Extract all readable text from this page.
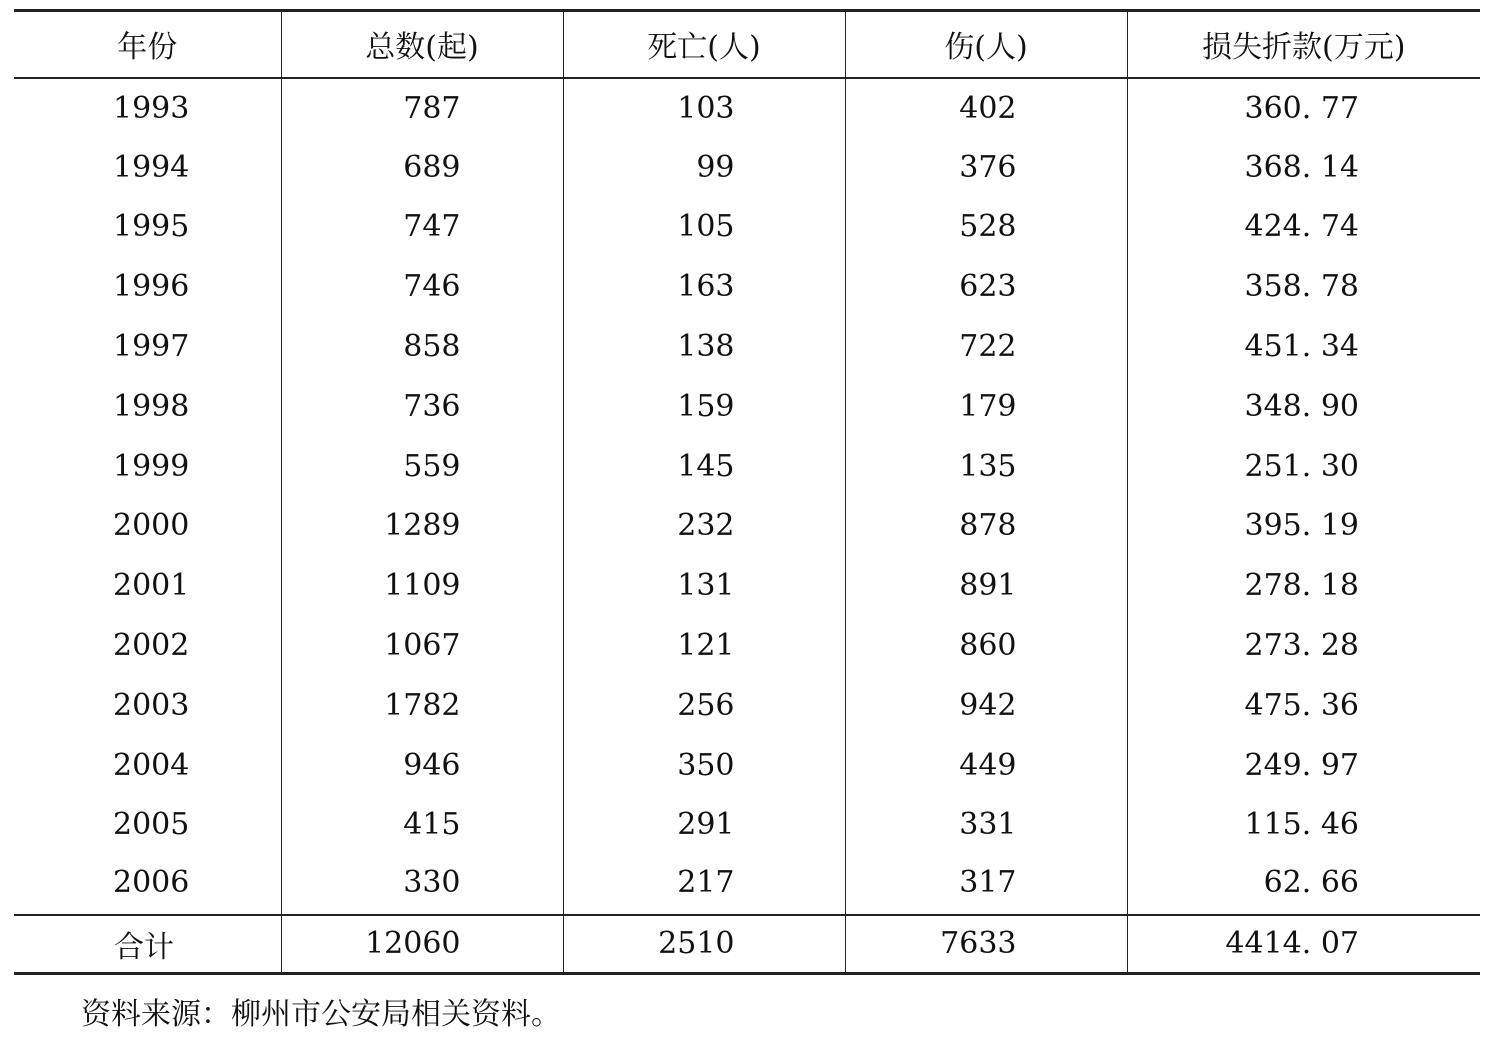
年份	总数(起)	死亡(人)	伤(人)	损失折款(万元)
1993	787	103	402	360. 77
1994	689	99	376	368. 14
1995	747	105	528	424. 74
1996	746	163	623	358. 78
1997	858	138	722	451. 34
1998	736	159	179	348. 90
1999	559	145	135	251. 30
2000	1289	232	878	395. 19
2001	1109	131	891	278. 18
2002	1067	121	860	273. 28
2003	1782	256	942	475. 36
2004	946	350	449	249. 97
2005	415	291	331	115. 46
2006	330	217	317	62. 66
合计	12060	2510	7633	4414. 07
资料来源：柳州市公安局相关资料。
